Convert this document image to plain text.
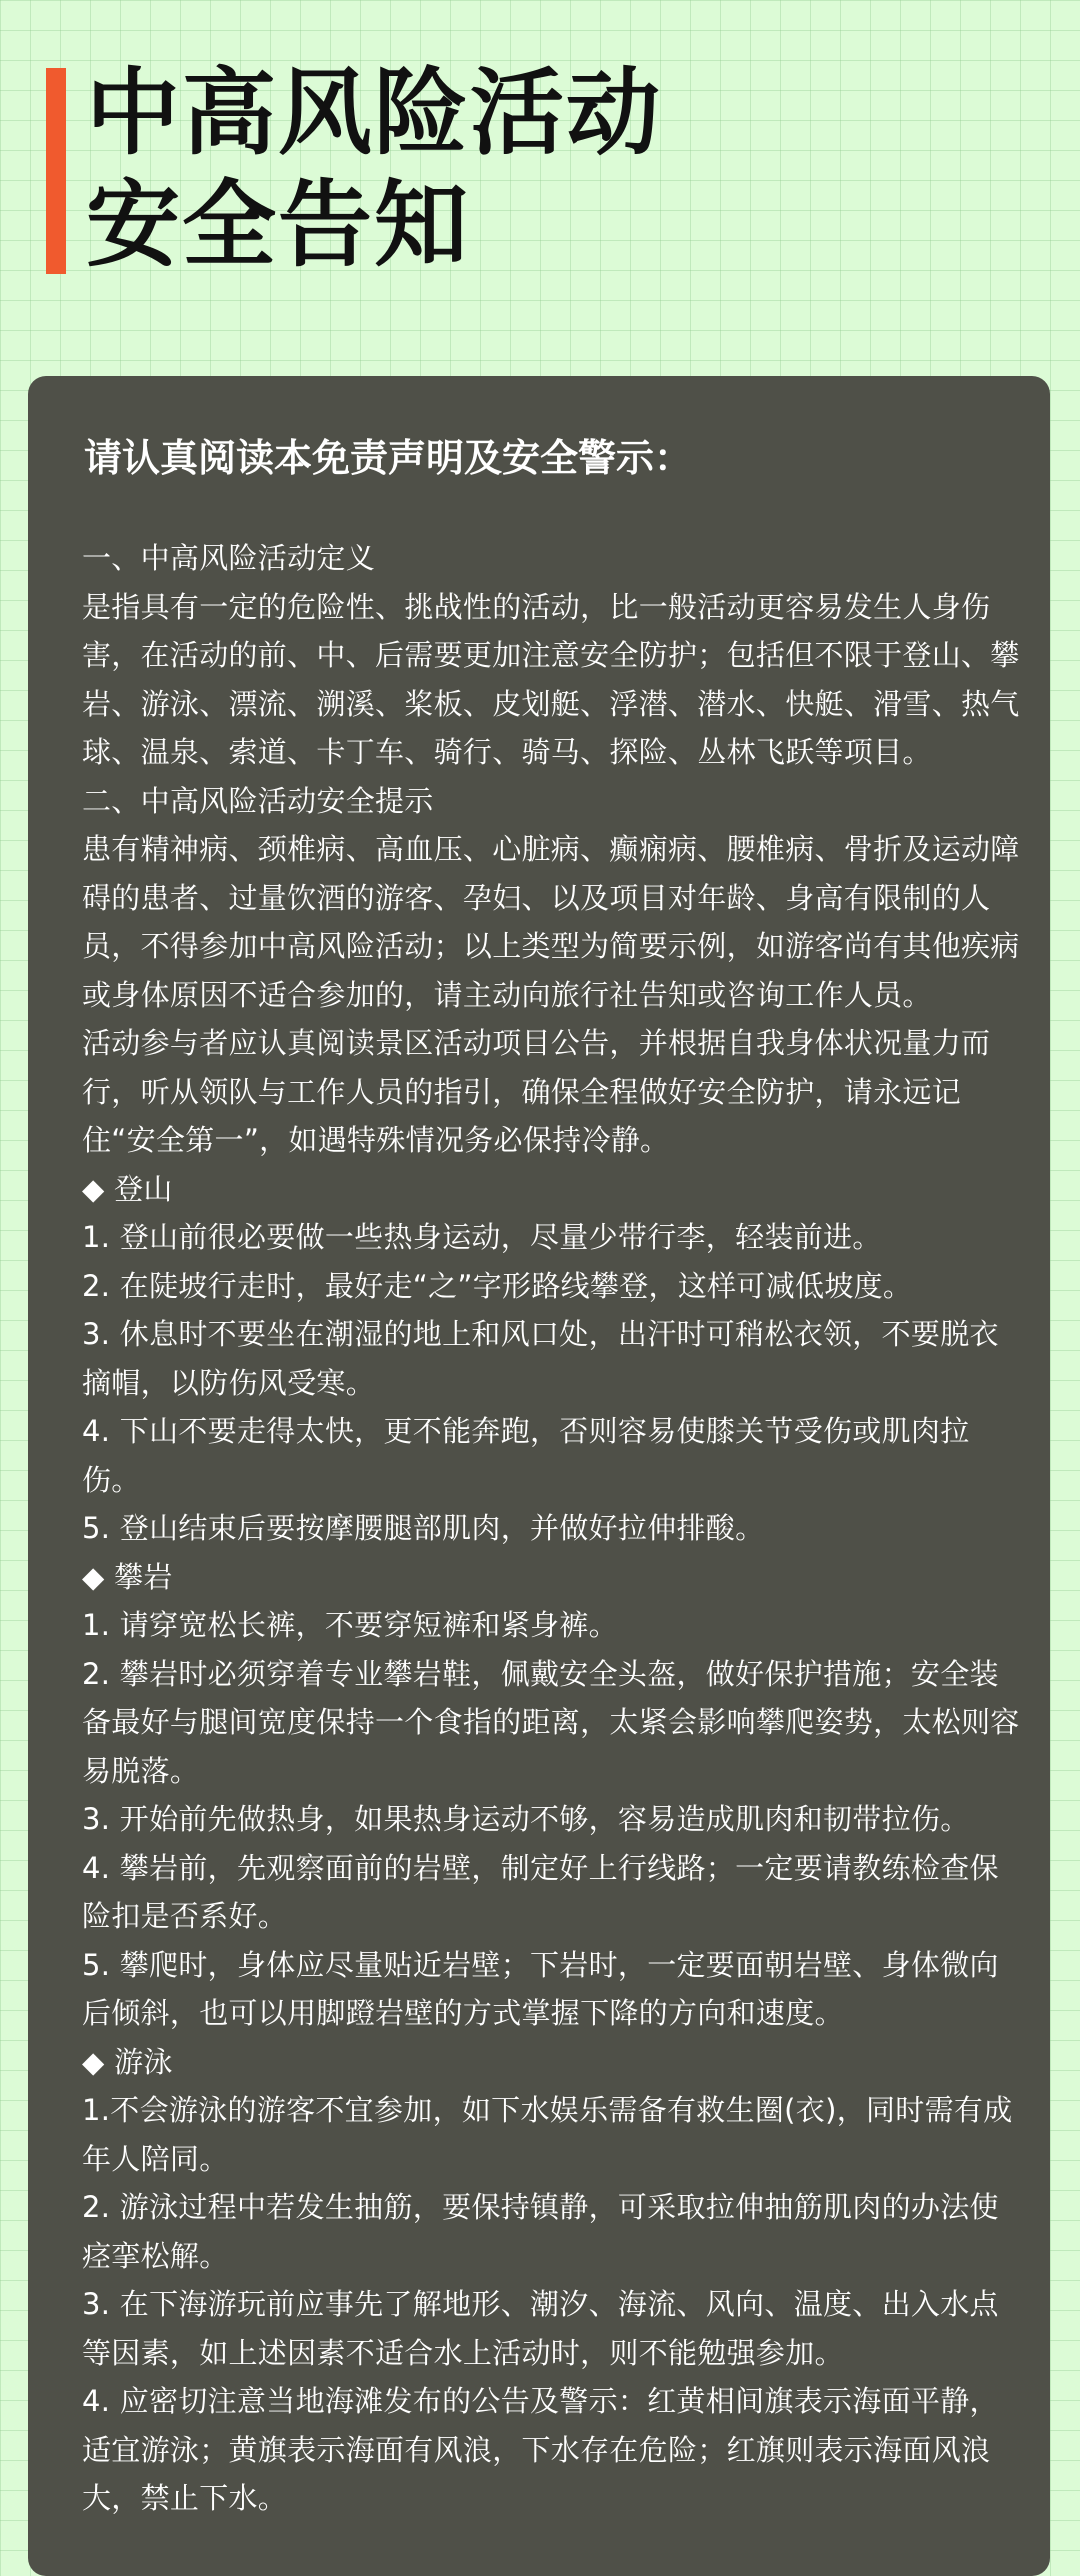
中高风险活动
安全告知
请认真阅读本免责声明及安全警示：

一、中高风险活动定义

是指具有一定的危险性、挑战性的活动，比一般活动更容易发生人身伤害，在活动的前、中、后需要更加注意安全防护；包括但不限于登山、攀岩、游泳、漂流、溯溪、桨板、皮划艇、浮潜、潜水、快艇、滑雪、热气球、温泉、索道、卡丁车、骑行、骑马、探险、丛林飞跃等项目。

二、中高风险活动安全提示

患有精神病、颈椎病、高血压、心脏病、癫痫病、腰椎病、骨折及运动障碍的患者、过量饮酒的游客、孕妇、以及项目对年龄、身高有限制的人员，不得参加中高风险活动；以上类型为简要示例，如游客尚有其他疾病或身体原因不适合参加的，请主动向旅行社告知或咨询工作人员。

活动参与者应认真阅读景区活动项目公告，并根据自我身体状况量力而行，听从领队与工作人员的指引，确保全程做好安全防护，请永远记住“安全第一”，如遇特殊情况务必保持冷静。

◆ 登山

1. 登山前很必要做一些热身运动，尽量少带行李，轻装前进。

2. 在陡坡行走时，最好走“之”字形路线攀登，这样可减低坡度。

3. 休息时不要坐在潮湿的地上和风口处，出汗时可稍松衣领，不要脱衣摘帽，以防伤风受寒。

4. 下山不要走得太快，更不能奔跑，否则容易使膝关节受伤或肌肉拉伤。

5. 登山结束后要按摩腰腿部肌肉，并做好拉伸排酸。

◆ 攀岩

1. 请穿宽松长裤，不要穿短裤和紧身裤。

2. 攀岩时必须穿着专业攀岩鞋，佩戴安全头盔，做好保护措施；安全装备最好与腿间宽度保持一个食指的距离，太紧会影响攀爬姿势，太松则容易脱落。

3. 开始前先做热身，如果热身运动不够，容易造成肌肉和韧带拉伤。

4. 攀岩前，先观察面前的岩壁，制定好上行线路；一定要请教练检查保险扣是否系好。

5. 攀爬时，身体应尽量贴近岩壁；下岩时，一定要面朝岩壁、身体微向后倾斜，也可以用脚蹬岩壁的方式掌握下降的方向和速度。

◆ 游泳

1.不会游泳的游客不宜参加，如下水娱乐需备有救生圈(衣)，同时需有成年人陪同。

2. 游泳过程中若发生抽筋，要保持镇静，可采取拉伸抽筋肌肉的办法使痉挛松解。

3. 在下海游玩前应事先了解地形、潮汐、海流、风向、温度、出入水点等因素，如上述因素不适合水上活动时，则不能勉强参加。

4. 应密切注意当地海滩发布的公告及警示：红黄相间旗表示海面平静，适宜游泳；黄旗表示海面有风浪，下水存在危险；红旗则表示海面风浪大，禁止下水。
